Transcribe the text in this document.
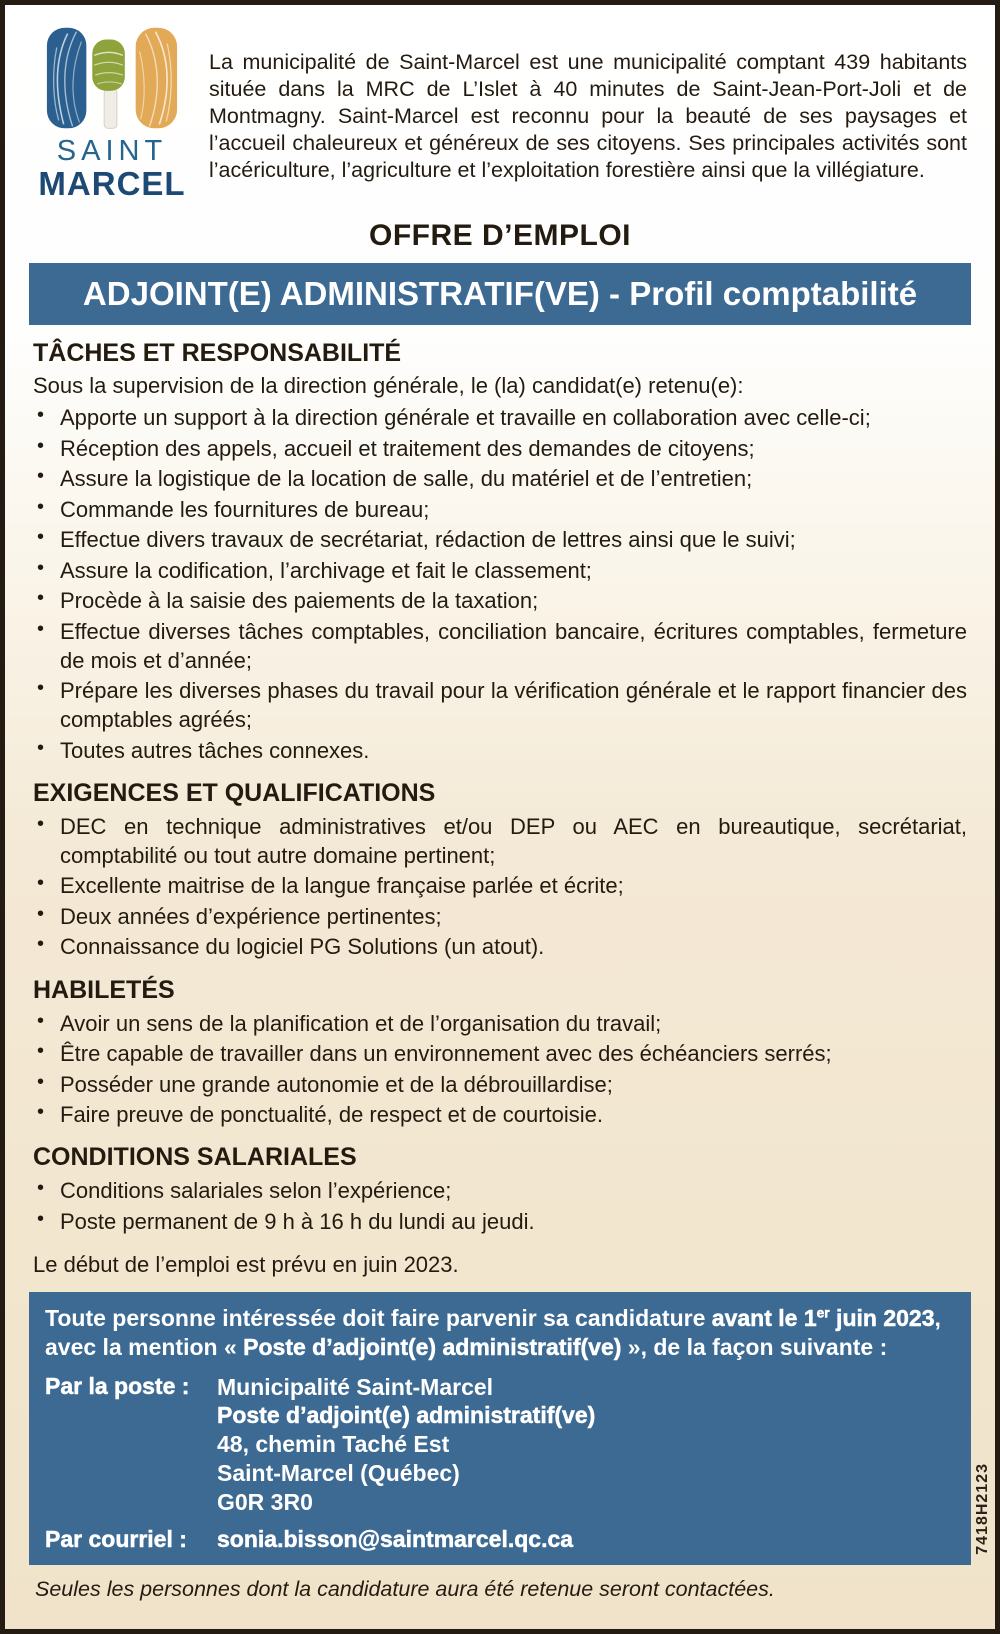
SAINT
MARCEL

La municipalité de Saint-Marcel est une municipalité comptant 439 habitants située dans la MRC de L’Islet à 40 minutes de Saint-Jean-Port-Joli et de Montmagny. Saint-Marcel est reconnu pour la beauté de ses paysages et l’accueil chaleureux et généreux de ses citoyens. Ses principales activités sont l’acériculture, l’agriculture et l’exploitation forestière ainsi que la villégiature.

OFFRE D’EMPLOI
ADJOINT(E) ADMINISTRATIF(VE) - Profil comptabilité
TÂCHES ET RESPONSABILITÉ

Sous la supervision de la direction générale, le (la) candidat(e) retenu(e):

• Apporte un support à la direction générale et travaille en collaboration avec celle-ci;
• Réception des appels, accueil et traitement des demandes de citoyens;
• Assure la logistique de la location de salle, du matériel et de l’entretien;
• Commande les fournitures de bureau;
• Effectue divers travaux de secrétariat, rédaction de lettres ainsi que le suivi;
• Assure la codification, l’archivage et fait le classement;
• Procède à la saisie des paiements de la taxation;
• Effectue diverses tâches comptables, conciliation bancaire, écritures comptables, fermeture de mois et d’année;
• Prépare les diverses phases du travail pour la vérification générale et le rapport financier des comptables agréés;
• Toutes autres tâches connexes.
EXIGENCES ET QUALIFICATIONS
• DEC en technique administratives et/ou DEP ou AEC en bureautique, secrétariat, comptabilité ou tout autre domaine pertinent;
• Excellente maitrise de la langue française parlée et écrite;
• Deux années d’expérience pertinentes;
• Connaissance du logiciel PG Solutions (un atout).
HABILETÉS
• Avoir un sens de la planification et de l’organisation du travail;
• Être capable de travailler dans un environnement avec des échéanciers serrés;
• Posséder une grande autonomie et de la débrouillardise;
• Faire preuve de ponctualité, de respect et de courtoisie.
CONDITIONS SALARIALES
• Conditions salariales selon l’expérience;
• Poste permanent de 9 h à 16 h du lundi au jeudi.

Le début de l’emploi est prévu en juin 2023.

Toute personne intéressée doit faire parvenir sa candidature avant le 1er juin 2023, avec la mention « Poste d’adjoint(e) administratif(ve) », de la façon suivante :
Par la poste :	Municipalité Saint-Marcel
Poste d’adjoint(e) administratif(ve)
48, chemin Taché Est
Saint-Marcel (Québec)
G0R 3R0
Par courriel :	sonia.bisson@saintmarcel.qc.ca

Seules les personnes dont la candidature aura été retenue seront contactées.

7418H2123
